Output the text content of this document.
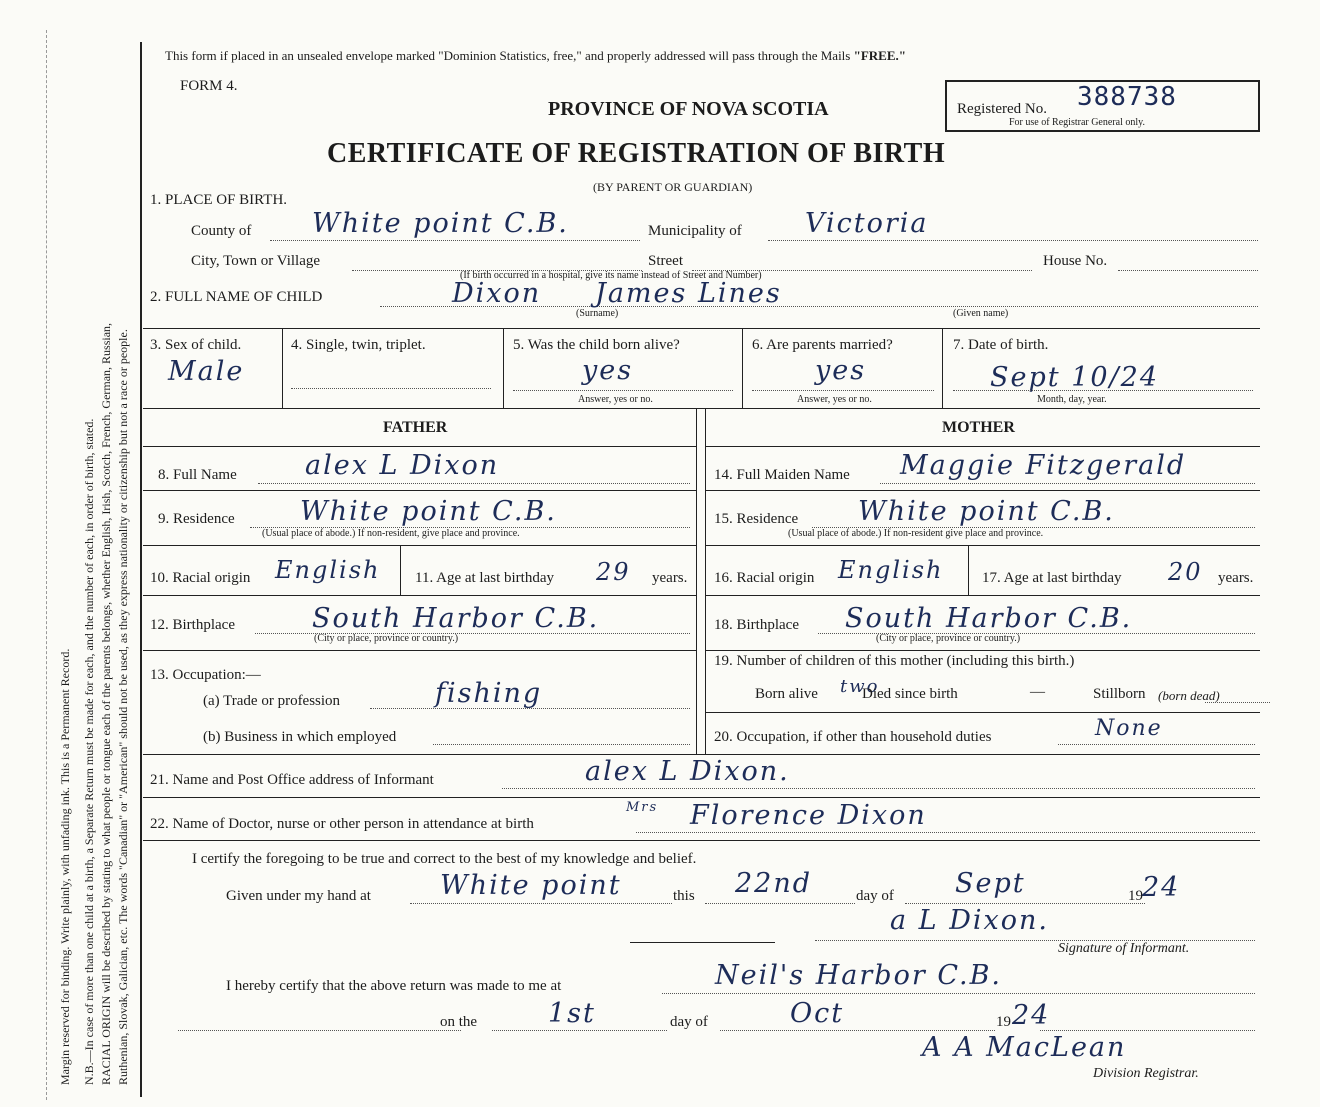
Margin reserved for binding. Write plainly, with unfading ink. This is a Permanent Record. N.B.—In case of more than one child at a birth, a Separate Return must be made for each, and the number of each, in order of birth, stated. RACIAL ORIGIN will be described by stating to what people or tongue each of the parents belongs, whether English, Irish, Scotch, French, German, Russian, Ruthenian, Slovak, Galician, etc. The words "Canadian" or "American" should not be used, as they express nationality or citizenship but not a race or people.
This form if placed in an unsealed envelope marked "Dominion Statistics, free," and properly addressed will pass through the Mails "FREE."
FORM 4.
PROVINCE OF NOVA SCOTIA
CERTIFICATE OF REGISTRATION OF BIRTH
(BY PARENT OR GUARDIAN)
Registered No. 388738
For use of Registrar General only.
1. PLACE OF BIRTH.
County of White point C.B.	Municipality of Victoria
City, Town or Village	Street	House No.
(If birth occurred in a hospital, give its name instead of Street and Number)
2. FULL NAME OF CHILD	Dixon James Lines
(Surname)	(Given name)
3. Sex of child.
Male
4. Single, twin, triplet.	5. Was the child born alive?
yes
Answer, yes or no.
6. Are parents married?
yes
Answer, yes or no.
7. Date of birth.
Sept 10/24
Month, day, year.
FATHER
8. Full Name	alex L Dixon
9. Residence White point C.B.
(Usual place of abode.) If non-resident, give place and province.
10. Racial origin English 11. Age at last birthday 29 years.
12. Birthplace	South Harbor C.B.
(City or place, province or country.)
13. Occupation:—
(a) Trade or profession	fishing
(b) Business in which employed
MOTHER
14. Full Maiden Name Maggie Fitzgerald
15. Residence White point C.B.
(Usual place of abode.) If non-resident give place and province.
16. Racial origin English	17. Age at last birthday 20 years.
18. Birthplace South Harbor C.B.
(City or place, province or country.)
19. Number of children of this mother (including this birth.)
Born alive two
Died since birth	—	Stillborn (born dead)
20. Occupation, if other than household duties	None
21. Name and Post Office address of Informant	alex L Dixon.
22. Name of Doctor, nurse or other person in attendance at birth
Mrs Florence Dixon
I certify the foregoing to be true and correct to the best of my knowledge and belief.
Given under my hand at	White point	this 22nd	day of Sept	19 24
a L Dixon.
Signature of Informant.
I hereby certify that the above return was made to me at	Neil's Harbor C.B.
on the	1st	day of	Oct	19 24
A A MacLean
Division Registrar.
